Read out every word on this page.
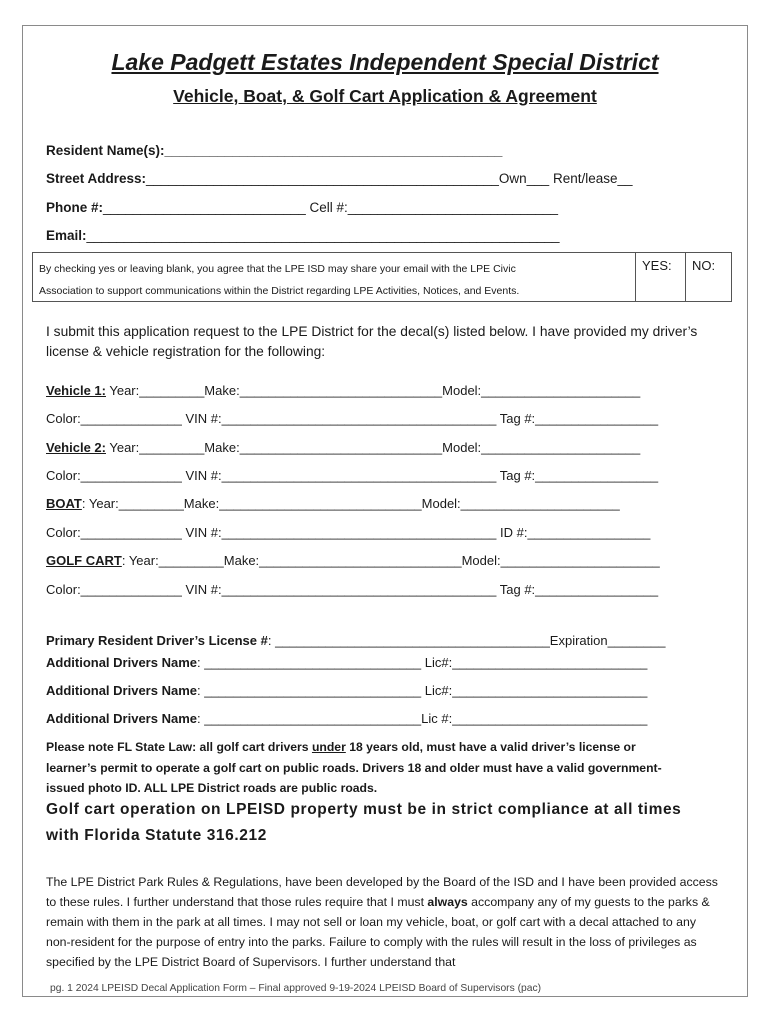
Lake Padgett Estates Independent Special District
Vehicle, Boat, & Golf Cart Application & Agreement
Resident Name(s):_____________________________________________
Street Address:_______________________________________________Own___ Rent/lease__
Phone #:___________________________ Cell #:____________________________
Email:_______________________________________________________________
By checking yes or leaving blank, you agree that the LPE ISD may share your email with the LPE Civic
Association to support communications within the District regarding LPE Activities, Notices, and Events.
YES:	NO:
I submit this application request to the LPE District for the decal(s) listed below. I have provided my driver’s license & vehicle registration for the following:
Vehicle 1: Year:_________Make:____________________________Model:______________________
Color:______________ VIN #:______________________________________ Tag #:_________________
Vehicle 2: Year:_________Make:____________________________Model:______________________
Color:______________ VIN #:______________________________________ Tag #:_________________
BOAT: Year:_________Make:____________________________Model:______________________
Color:______________ VIN #:______________________________________ ID #:_________________
GOLF CART: Year:_________Make:____________________________Model:______________________
Color:______________ VIN #:______________________________________ Tag #:_________________
Primary Resident Driver’s License #: ______________________________________Expiration________
Additional Drivers Name: ______________________________ Lic#:___________________________
Additional Drivers Name: ______________________________ Lic#:___________________________
Additional Drivers Name: ______________________________Lic #:___________________________
Please note FL State Law: all golf cart drivers under 18 years old, must have a valid driver’s license or
learner’s permit to operate a golf cart on public roads. Drivers 18 and older must have a valid government-
issued photo ID. ALL LPE District roads are public roads.
Golf cart operation on LPEISD property must be in strict compliance at all times
with Florida Statute 316.212
The LPE District Park Rules & Regulations, have been developed by the Board of the ISD and I have been provided access to these rules. I further understand that those rules require that I must always accompany any of my guests to the parks & remain with them in the park at all times. I may not sell or loan my vehicle, boat, or golf cart with a decal attached to any non-resident for the purpose of entry into the parks. Failure to comply with the rules will result in the loss of privileges as specified by the LPE District Board of Supervisors. I further understand that
pg. 1 2024 LPEISD Decal Application Form – Final approved 9-19-2024 LPEISD Board of Supervisors (pac)
